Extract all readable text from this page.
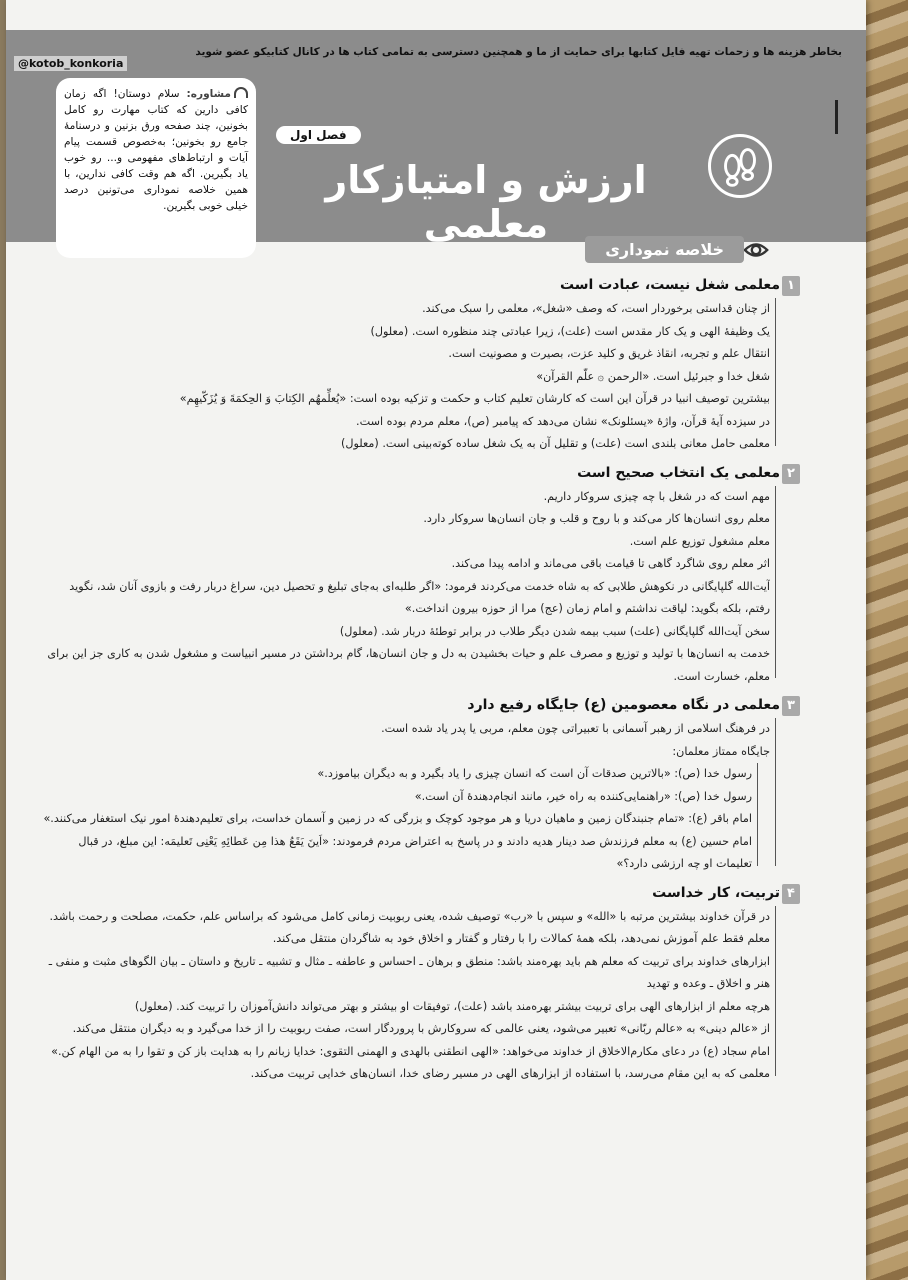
بخاطر هزینه ها و زحمات تهیه فایل کتابها برای حمایت از ما و همچنین دسترسی به تمامی کتاب ها در کانال کتابیکو عضو شوید
@kotob_konkoria
مشاوره: سلام دوستان! اگه زمان کافی دارین که کتاب مهارت رو کامل بخونین، چند صفحه ورق بزنین و درسنامهٔ جامع رو بخونین؛ به‌خصوص قسمت پیام آیات و ارتباط‌های مفهومی و... رو خوب یاد بگیرین. اگه هم وقت کافی ندارین، با همین خلاصه نموداری می‌تونین درصد خیلی خوبی بگیرین.
فصل اول
ارزش و امتیازکار معلمی
خلاصه نموداری
۱
معلمی شغل نیست، عبادت است
از چنان قداستی برخوردار است، که وصف «شغل»، معلمی را سبک می‌کند.
یک وظیفهٔ الهی و یک کار مقدس است (علت)، زیرا عبادتی چند منظوره است. (معلول)
انتقال علم و تجربه، انقاذ غریق و کلید عزت، بصیرت و مصونیت است.
شغل خدا و جبرئیل است. «الرحمن ۞ علّم القرآن»
بیشترین توصیف انبیا در قرآن این است که کارشان تعلیم کتاب و حکمت و تزکیه بوده است: «یُعلِّمهُم الکِتابَ وَ الحِکمَةَ وَ یُزَکّیهِم»
در سیزده آیهٔ قرآن، واژهٔ «یسئلونک» نشان می‌دهد که پیامبر (ص)، معلم مردم بوده است.
معلمی حامل معانی بلندی است (علت) و تقلیل آن به یک شغل ساده کوته‌بینی است. (معلول)
۲
معلمی یک انتخاب صحیح است
مهم است که در شغل با چه چیزی سروکار داریم.
معلم روی انسان‌ها کار می‌کند و با روح و قلب و جان انسان‌ها سروکار دارد.
معلم مشغول توزیع علم است.
اثر معلم روی شاگرد گاهی تا قیامت باقی می‌ماند و ادامه پیدا می‌کند.
آیت‌الله گلپایگانی در نکوهش طلابی که به شاه خدمت می‌کردند فرمود: «اگر طلبه‌ای به‌جای تبلیغ و تحصیل دین، سراغ دربار رفت و بازوی آنان شد، نگوید رفتم، بلکه بگوید: لیاقت نداشتم و امام زمان (عج) مرا از حوزه بیرون انداخت.»
سخن آیت‌الله گلپایگانی (علت) سبب بیمه شدن دیگر طلاب در برابر توطئهٔ دربار شد. (معلول)
خدمت به انسان‌ها با تولید و توزیع و مصرف علم و حیات بخشیدن به دل و جان انسان‌ها، گام برداشتن در مسیر انبیاست و مشغول شدن به کاری جز این برای معلم، خسارت است.
۳
معلمی در نگاه معصومین (ع) جایگاه رفیع دارد
در فرهنگ اسلامی از رهبر آسمانی با تعبیراتی چون معلم، مربی یا پدر یاد شده است.
جایگاه ممتاز معلمان:
رسول خدا (ص): «بالاترین صدقات آن است که انسان چیزی را یاد بگیرد و به دیگران بیاموزد.»
رسول خدا (ص): «راهنمایی‌کننده به راه خیر، مانند انجام‌دهندهٔ آن است.»
امام باقر (ع): «تمام جنبندگان زمین و ماهیان دریا و هر موجود کوچک و بزرگی که در زمین و آسمان خداست، برای تعلیم‌دهندهٔ امور نیک استغفار می‌کنند.»
امام حسین (ع) به معلم فرزندش صد دینار هدیه دادند و در پاسخ به اعتراض مردم فرمودند: «اَینَ یَقَعُ هذا مِن عَطائِهِ یَعْنِی تَعلیمَه: این مبلغ، در قبال تعلیمات او چه ارزشی دارد؟»
۴
تربیت، کار خداست
در قرآن خداوند بیشترین مرتبه با «الله» و سپس با «رب» توصیف شده، یعنی ربوبیت زمانی کامل می‌شود که براساس علم، حکمت، مصلحت و رحمت باشد.
معلم فقط علم آموزش نمی‌دهد، بلکه همهٔ کمالات را با رفتار و گفتار و اخلاق خود به شاگردان منتقل می‌کند.
ابزارهای خداوند برای تربیت که معلم هم باید بهره‌مند باشد: منطق و برهان ـ احساس و عاطفه ـ مثال و تشبیه ـ تاریخ و داستان ـ بیان الگوهای مثبت و منفی ـ هنر و اخلاق ـ وعده و تهدید
هرچه معلم از ابزارهای الهی برای تربیت بیشتر بهره‌مند باشد (علت)، توفیقات او بیشتر و بهتر می‌تواند دانش‌آموزان را تربیت کند. (معلول)
از «عالم دینی» به «عالم ربّانی» تعبیر می‌شود، یعنی عالمی که سروکارش با پروردگار است، صفت ربوبیت را از خدا می‌گیرد و به دیگران منتقل می‌کند.
امام سجاد (ع) در دعای مکارم‌الاخلاق از خداوند می‌خواهد: «الهی انطقنی بالهدی و الهمنی التقوی: خدایا زبانم را به هدایت باز کن و تقوا را به من الهام کن.» معلمی که به این مقام می‌رسد، با استفاده از ابزارهای الهی در مسیر رضای خدا، انسان‌های خدایی تربیت می‌کند.
